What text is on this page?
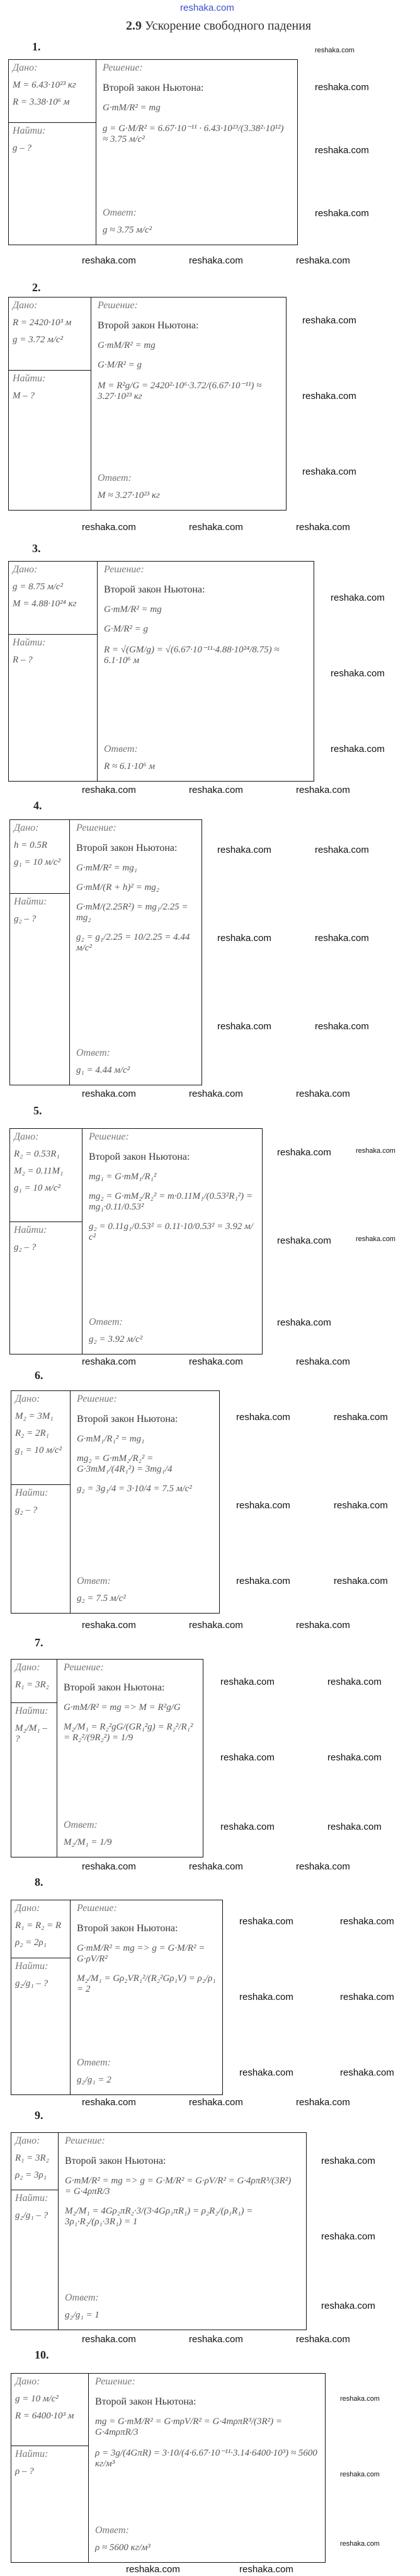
reshaka.com
2.9 Ускорение свободного падения
1.
Дано:
M = 6.43·10²³ кг
R = 3.38·10⁶ м
Найти:
g – ?
Решение:
Второй закон Ньютона:
G·mM/R² = mg
g = G·M/R² = 6.67·10⁻¹¹ · 6.43·10²³/(3.38²·10¹²) ≈ 3.75 м/с²
Ответ:
g ≈ 3.75 м/с²
2.
Дано:
R = 2420·10³ м
g = 3.72 м/с²
Найти:
M – ?
Решение:
Второй закон Ньютона:
G·mM/R² = mg
G·M/R² = g
M = R²g/G = 2420²·10⁶·3.72/(6.67·10⁻¹¹) ≈ 3.27·10²³ кг
Ответ:
M ≈ 3.27·10²³ кг
3.
Дано:
g = 8.75 м/с²
M = 4.88·10²⁴ кг
Найти:
R – ?
Решение:
Второй закон Ньютона:
G·mM/R² = mg
G·M/R² = g
R = √(GM/g) = √(6.67·10⁻¹¹·4.88·10²⁴/8.75) ≈ 6.1·10⁶ м
Ответ:
R ≈ 6.1·10⁶ м
4.
Дано:
h = 0.5R
g₁ = 10 м/с²
Найти:
g₂ – ?
Решение:
Второй закон Ньютона:
G·mM/R² = mg₁
G·mM/(R + h)² = mg₂
G·mM/(2.25R²) = mg₁/2.25 = mg₂
g₂ = g₁/2.25 = 10/2.25 = 4.44 м/с²
Ответ:
g₁ = 4.44 м/с²
5.
Дано:
R₂ = 0.53R₁
M₂ = 0.11M₁
g₁ = 10 м/с²
Найти:
g₂ – ?
Решение:
Второй закон Ньютона:
mg₁ = G·mM₁/R₁²
mg₂ = G·mM₂/R₂² = m·0.11M₁/(0.53²R₁²) = mg₁·0.11/0.53²
g₂ = 0.11g₁/0.53² = 0.11·10/0.53² = 3.92 м/с²
Ответ:
g₂ = 3.92 м/с²
6.
Дано:
M₂ = 3M₁
R₂ = 2R₁
g₁ = 10 м/с²
Найти:
g₂ – ?
Решение:
Второй закон Ньютона:
G·mM₁/R₁² = mg₁
mg₂ = G·mM₂/R₂² = G·3mM₁/(4R₁²) = 3mg₁/4
g₂ = 3g₁/4 = 3·10/4 = 7.5 м/с²
Ответ:
g₂ = 7.5 м/с²
7.
Дано:
R₁ = 3R₂
Найти:
M₂/M₁ – ?
Решение:
Второй закон Ньютона:
G·mM/R² = mg => M = R²g/G
M₂/M₁ = R₂²gG/(GR₁²g) = R₂²/R₁² = R₂²/(9R₂²) = 1/9
Ответ:
M₂/M₁ = 1/9
8.
Дано:
R₁ = R₂ = R
ρ₂ = 2ρ₁
Найти:
g₂/g₁ – ?
Решение:
Второй закон Ньютона:
G·mM/R² = mg => g = G·M/R² = G·ρV/R²
M₂/M₁ = Gρ₂VR₁²/(R₂²Gρ₁V) = ρ₂/ρ₁ = 2
Ответ:
g₂/g₁ = 2
9.
Дано:
R₁ = 3R₂
ρ₂ = 3ρ₁
Найти:
g₂/g₁ – ?
Решение:
Второй закон Ньютона:
G·mM/R² = mg => g = G·M/R² = G·ρV/R² = G·4ρπR³/(3R²) = G·4ρπR/3
M₂/M₁ = 4Gρ₂πR₂·3/(3·4Gρ₁πR₁) = ρ₂R₂/(ρ₁R₁) = 3ρ₁·R₂/(ρ₁·3R₁) = 1
Ответ:
g₂/g₁ = 1
10.
Дано:
g = 10 м/с²
R = 6400·10³ м
Найти:
ρ – ?
Решение:
Второй закон Ньютона:
mg = G·mM/R² = G·mρV/R² = G·4mρπR³/(3R²) = G·4mρπR/3
ρ = 3g/(4GπR) = 3·10/(4·6.67·10⁻¹¹·3.14·6400·10³) ≈ 5600 кг/м³
Ответ:
ρ ≈ 5600 кг/м³
reshaka.com
reshaka.com
reshaka.com
reshaka.com
reshaka.com	reshaka.com	reshaka.com
reshaka.com
reshaka.com
reshaka.com
reshaka.com	reshaka.com	reshaka.com
reshaka.com
reshaka.com
reshaka.com
reshaka.com	reshaka.com	reshaka.com
reshaka.com	reshaka.com
reshaka.com	reshaka.com
reshaka.com	reshaka.com
reshaka.com	reshaka.com	reshaka.com
reshaka.com	reshaka.com
reshaka.com	reshaka.com
reshaka.com
reshaka.com	reshaka.com	reshaka.com
reshaka.com	reshaka.com
reshaka.com	reshaka.com
reshaka.com	reshaka.com
reshaka.com	reshaka.com	reshaka.com
reshaka.com	reshaka.com
reshaka.com	reshaka.com
reshaka.com	reshaka.com
reshaka.com	reshaka.com	reshaka.com
reshaka.com	reshaka.com
reshaka.com	reshaka.com
reshaka.com	reshaka.com
reshaka.com	reshaka.com	reshaka.com
reshaka.com
reshaka.com
reshaka.com
reshaka.com	reshaka.com	reshaka.com
reshaka.com
reshaka.com
reshaka.com
reshaka.com	reshaka.com
